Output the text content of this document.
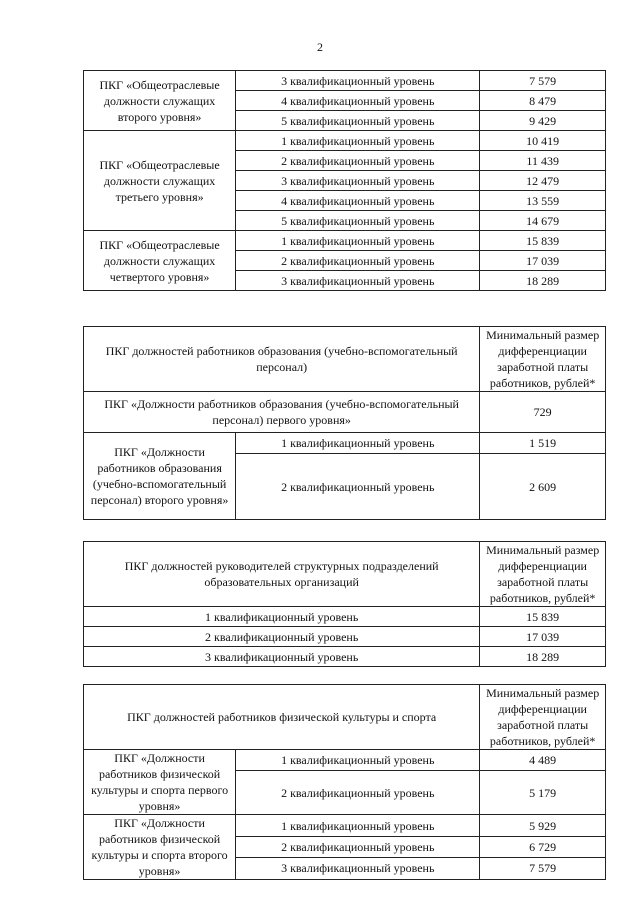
2
ПКГ «Общеотраслевые должности служащих второго уровня»	3 квалификационный уровень	7 579
	4 квалификационный уровень	8 479
	5 квалификационный уровень	9 429
ПКГ «Общеотраслевые должности служащих третьего уровня»	1 квалификационный уровень	10 419
	2 квалификационный уровень	11 439
	3 квалификационный уровень	12 479
	4 квалификационный уровень	13 559
	5 квалификационный уровень	14 679
ПКГ «Общеотраслевые должности служащих четвертого уровня»	1 квалификационный уровень	15 839
	2 квалификационный уровень	17 039
	3 квалификационный уровень	18 289
ПКГ должностей работников образования (учебно-вспомогательный персонал)		Минимальный размер дифференциации заработной платы работников, рублей*
ПКГ «Должности работников образования (учебно-вспомогательный персонал) первого уровня»		729
ПКГ «Должности работников образования (учебно-вспомогательный персонал) второго уровня»	1 квалификационный уровень	1 519
	2 квалификационный уровень	2 609
ПКГ должностей руководителей структурных подразделений образовательных организаций	Минимальный размер дифференциации заработной платы работников, рублей*
1 квалификационный уровень	15 839
2 квалификационный уровень	17 039
3 квалификационный уровень	18 289
ПКГ должностей работников физической культуры и спорта		Минимальный размер дифференциации заработной платы работников, рублей*
ПКГ «Должности работников физической культуры и спорта первого уровня»	1 квалификационный уровень	4 489
	2 квалификационный уровень	5 179
ПКГ «Должности работников физической культуры и спорта второго уровня»	1 квалификационный уровень	5 929
	2 квалификационный уровень	6 729
	3 квалификационный уровень	7 579
